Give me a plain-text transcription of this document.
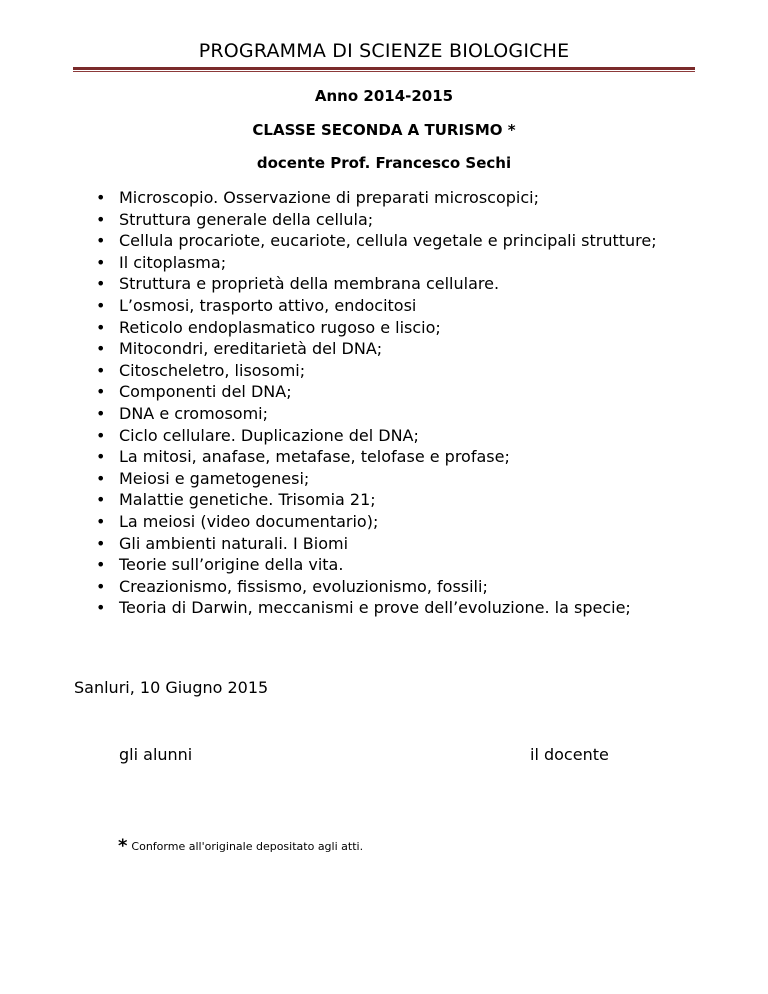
PROGRAMMA DI SCIENZE BIOLOGICHE
Anno 2014-2015
CLASSE SECONDA A TURISMO *
docente Prof. Francesco Sechi
• Microscopio. Osservazione di preparati microscopici;
• Struttura generale della cellula;
• Cellula procariote, eucariote, cellula vegetale e principali strutture;
• Il citoplasma;
• Struttura e proprietà della membrana cellulare.
• L’osmosi, trasporto attivo, endocitosi
• Reticolo endoplasmatico rugoso e liscio;
• Mitocondri, ereditarietà del DNA;
• Citoscheletro, lisosomi;
• Componenti del DNA;
• DNA e cromosomi;
• Ciclo cellulare. Duplicazione del DNA;
• La mitosi, anafase, metafase, telofase e profase;
• Meiosi e gametogenesi;
• Malattie genetiche. Trisomia 21;
• La meiosi (video documentario);
• Gli ambienti naturali. I Biomi
• Teorie sull’origine della vita.
• Creazionismo, fissismo, evoluzionismo, fossili;
• Teoria di Darwin, meccanismi e prove dell’evoluzione. la specie;
Sanluri, 10 Giugno 2015
gli alunni	il docente
* Conforme all'originale depositato agli atti.
